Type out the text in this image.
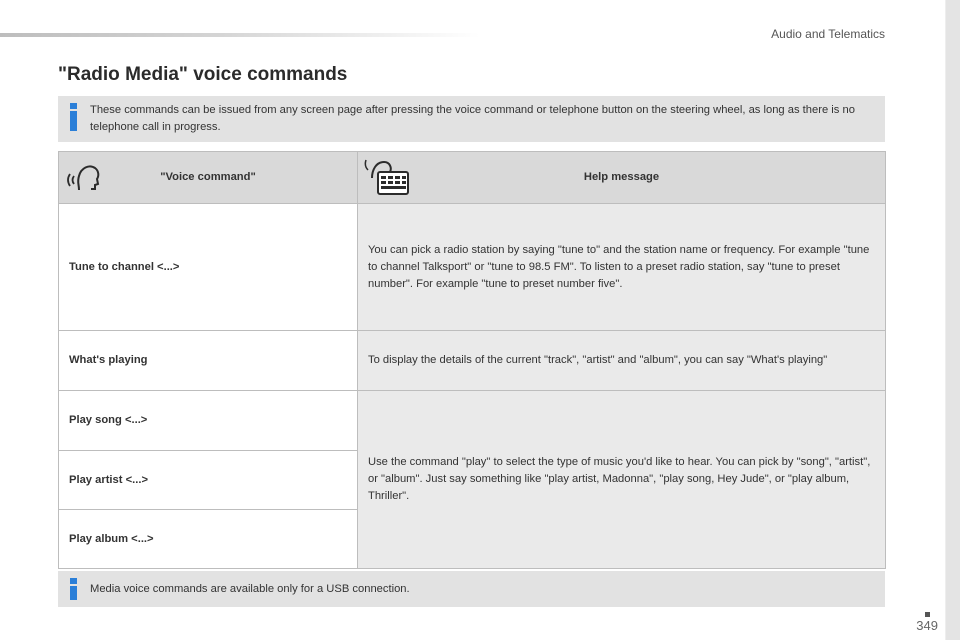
Audio and Telematics
"Radio Media" voice commands
These commands can be issued from any screen page after pressing the voice command or telephone button on the steering wheel, as long as there is no telephone call in progress.
"Voice command"	Help message
Tune to channel <...>	You can pick a radio station by saying "tune to" and the station name or frequency. For example "tune to channel Talksport" or "tune to 98.5 FM". To listen to a preset radio station, say "tune to preset number". For example "tune to preset number five".
What's playing	To display the details of the current "track", "artist" and "album", you can say "What's playing"
Play song <...>	Use the command "play" to select the type of music you'd like to hear. You can pick by "song", "artist", or "album". Just say something like "play artist, Madonna", "play song, Hey Jude", or "play album, Thriller".
Play artist <...>	
Play album <...>	
Media voice commands are available only for a USB connection.
349
